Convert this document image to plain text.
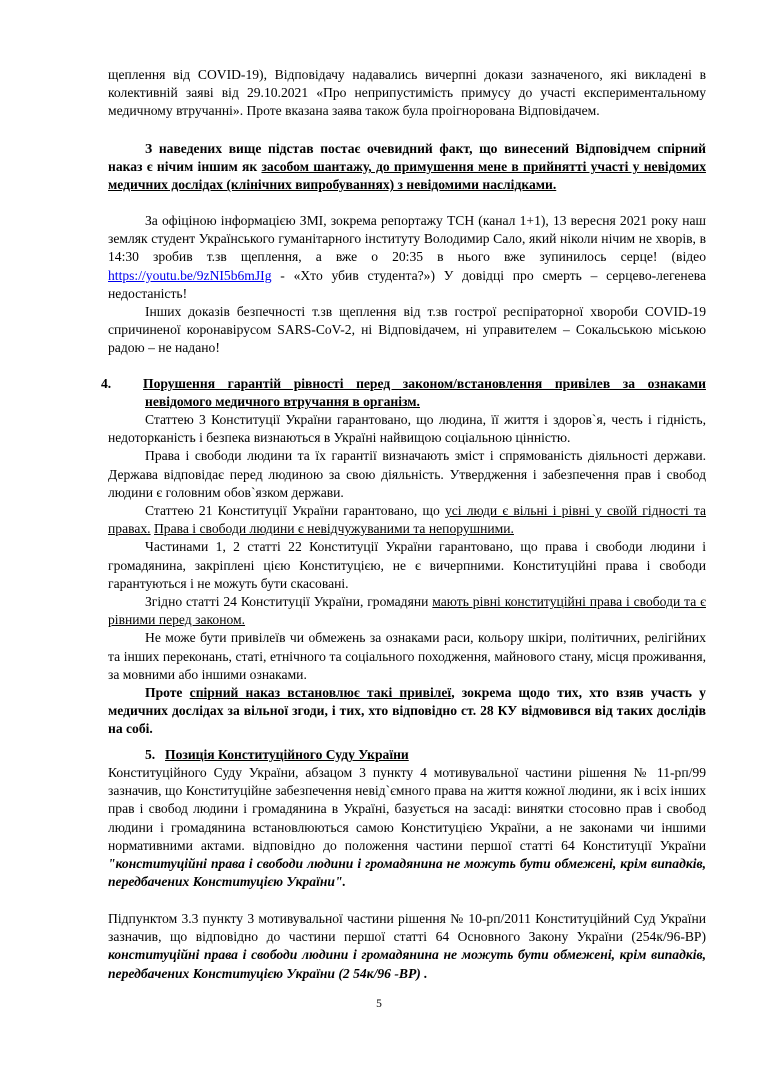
щеплення від COVID-19), Відповідачу надавались вичерпні докази зазначеного, які викладені в колективній заяві від 29.10.2021 «Про неприпустимість примусу до участі експериментальному медичному втручанні». Проте вказана заява також була проігнорована Відповідачем.

З наведених вище підстав постає очевидний факт, що винесений Відповідчем спірний наказ є нічим іншим як засобом шантажу, до примушення мене в прийнятті участі у невідомих медичних дослідах (клінічних випробуваннях) з невідомими наслідками.

За офіціною інформацією ЗМІ, зокрема репортажу ТСН (канал 1+1), 13 вересня 2021 року наш земляк студент Українського гуманітарного інституту Володимир Сало, який ніколи нічим не хворів, в 14:30 зробив т.зв щеплення, а вже о 20:35 в нього вже зупинилось серце! (відео https://youtu.be/9zNI5b6mJIg - «Хто убив студента?») У довідці про смерть – серцево-легенева недостаність!

Інших доказів безпечності т.зв щеплення від т.зв гострої респіраторної хвороби COVID-19 спричиненої коронавірусом SARS-CoV-2, ні Відповідачем, ні управителем – Сокальською міською радою – не надано!

4. Порушення гарантій рівності перед законом/встановлення привілев за ознаками невідомого медичного втручання в організм.

Статтею 3 Конституції України гарантовано, що людина, її життя і здоров`я, честь і гідність, недоторканість і безпека визнаються в Україні найвищою соціальною цінністю.

Права і свободи людини та їх гарантії визначають зміст і спрямованість діяльності держави. Держава відповідає перед людиною за свою діяльність. Утвердження і забезпечення прав і свобод людини є головним обов`язком держави.

Статтею 21 Конституції України гарантовано, що усі люди є вільні і рівні у своїй гідності та правах. Права і свободи людини є невідчужуваними та непорушними.

Частинами 1, 2 статті 22 Конституції України гарантовано, що права і свободи людини і громадянина, закріплені цією Конституцією, не є вичерпними. Конституційні права і свободи гарантуються і не можуть бути скасовані.

Згідно статті 24 Конституції України, громадяни мають рівні конституційні права і свободи та є рівними перед законом.

Не може бути привілеїв чи обмежень за ознаками раси, кольору шкіри, політичних, релігійних та інших переконань, статі, етнічного та соціального походження, майнового стану, місця проживання, за мовними або іншими ознаками.

Проте спірний наказ встановлює такі привілеї, зокрема щодо тих, хто взяв участь у медичних дослідах за вільної згоди, і тих, хто відповідно ст. 28 КУ відмовився від таких дослідів на собі.

5. Позиція Конституційного Суду України

Конституційного Суду України, абзацом 3 пункту 4 мотивувальної частини рішення № 11-рп/99 зазначив, що Конституційне забезпечення невід`ємного права на життя кожної людини, як і всіх інших прав і свобод людини і громадянина в Україні, базується на засаді: винятки стосовно прав і свобод людини і громадянина встановлюються самою Конституцією України, а не законами чи іншими нормативними актами. відповідно до положення частини першої статті 64 Конституції України "конституційні права і свободи людини і громадянина не можуть бути обмежені, крім випадків, передбачених Конституцією України".

Підпунктом 3.3 пункту 3 мотивувальної частини рішення № 10-рп/2011 Конституційний Суд України зазначив, що відповідно до частини першої статті 64 Основного Закону України (254к/96-ВР) конституційні права і свободи людини і громадянина не можуть бути обмежені, крім випадків, передбачених Конституцією України (2 54к/96 -ВР) .

5
